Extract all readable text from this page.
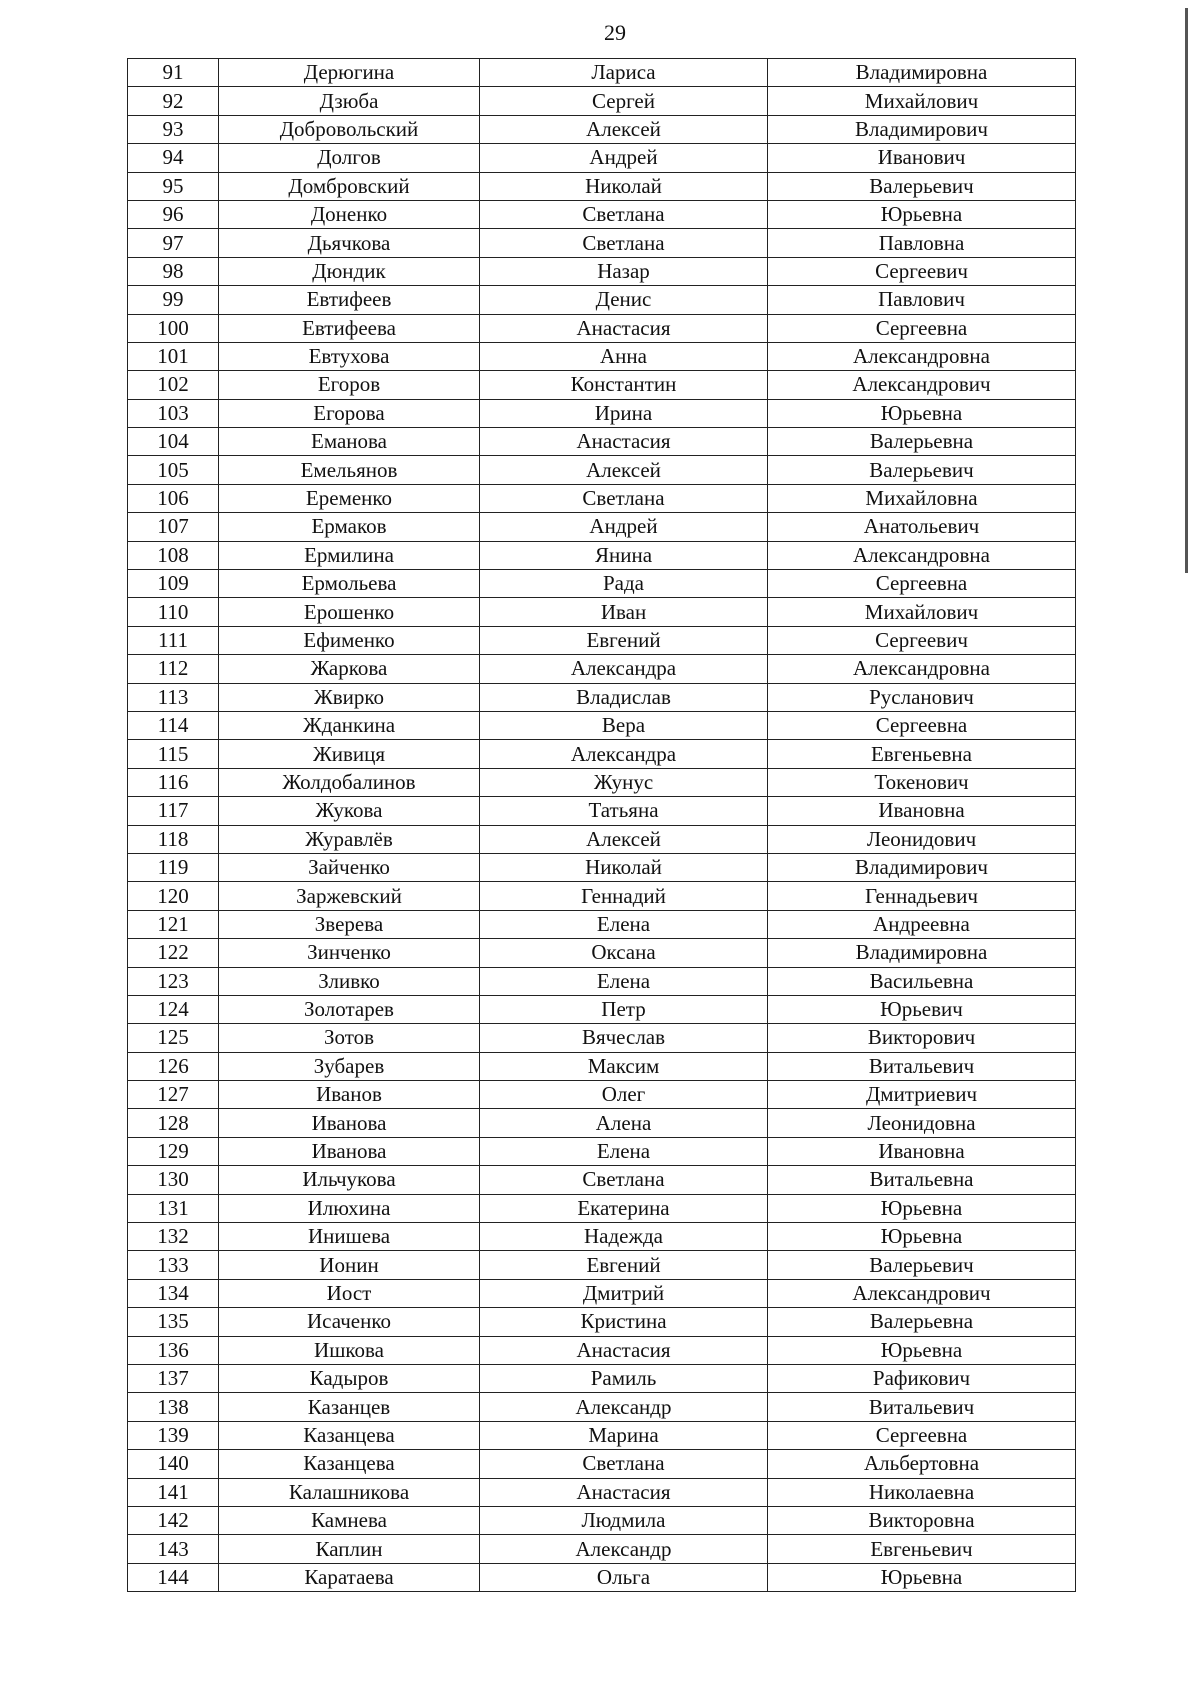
29
91	Дерюгина	Лариса	Владимировна
92	Дзюба	Сергей	Михайлович
93	Добровольский	Алексей	Владимирович
94	Долгов	Андрей	Иванович
95	Домбровский	Николай	Валерьевич
96	Доненко	Светлана	Юрьевна
97	Дьячкова	Светлана	Павловна
98	Дюндик	Назар	Сергеевич
99	Евтифеев	Денис	Павлович
100	Евтифеева	Анастасия	Сергеевна
101	Евтухова	Анна	Александровна
102	Егоров	Константин	Александрович
103	Егорова	Ирина	Юрьевна
104	Еманова	Анастасия	Валерьевна
105	Емельянов	Алексей	Валерьевич
106	Еременко	Светлана	Михайловна
107	Ермаков	Андрей	Анатольевич
108	Ермилина	Янина	Александровна
109	Ермольева	Рада	Сергеевна
110	Ерошенко	Иван	Михайлович
111	Ефименко	Евгений	Сергеевич
112	Жаркова	Александра	Александровна
113	Жвирко	Владислав	Русланович
114	Жданкина	Вера	Сергеевна
115	Живиця	Александра	Евгеньевна
116	Жолдобалинов	Жунус	Токенович
117	Жукова	Татьяна	Ивановна
118	Журавлёв	Алексей	Леонидович
119	Зайченко	Николай	Владимирович
120	Заржевский	Геннадий	Геннадьевич
121	Зверева	Елена	Андреевна
122	Зинченко	Оксана	Владимировна
123	Зливко	Елена	Васильевна
124	Золотарев	Петр	Юрьевич
125	Зотов	Вячеслав	Викторович
126	Зубарев	Максим	Витальевич
127	Иванов	Олег	Дмитриевич
128	Иванова	Алена	Леонидовна
129	Иванова	Елена	Ивановна
130	Ильчукова	Светлана	Витальевна
131	Илюхина	Екатерина	Юрьевна
132	Инишева	Надежда	Юрьевна
133	Ионин	Евгений	Валерьевич
134	Иост	Дмитрий	Александрович
135	Исаченко	Кристина	Валерьевна
136	Ишкова	Анастасия	Юрьевна
137	Кадыров	Рамиль	Рафикович
138	Казанцев	Александр	Витальевич
139	Казанцева	Марина	Сергеевна
140	Казанцева	Светлана	Альбертовна
141	Калашникова	Анастасия	Николаевна
142	Камнева	Людмила	Викторовна
143	Каплин	Александр	Евгеньевич
144	Каратаева	Ольга	Юрьевна
